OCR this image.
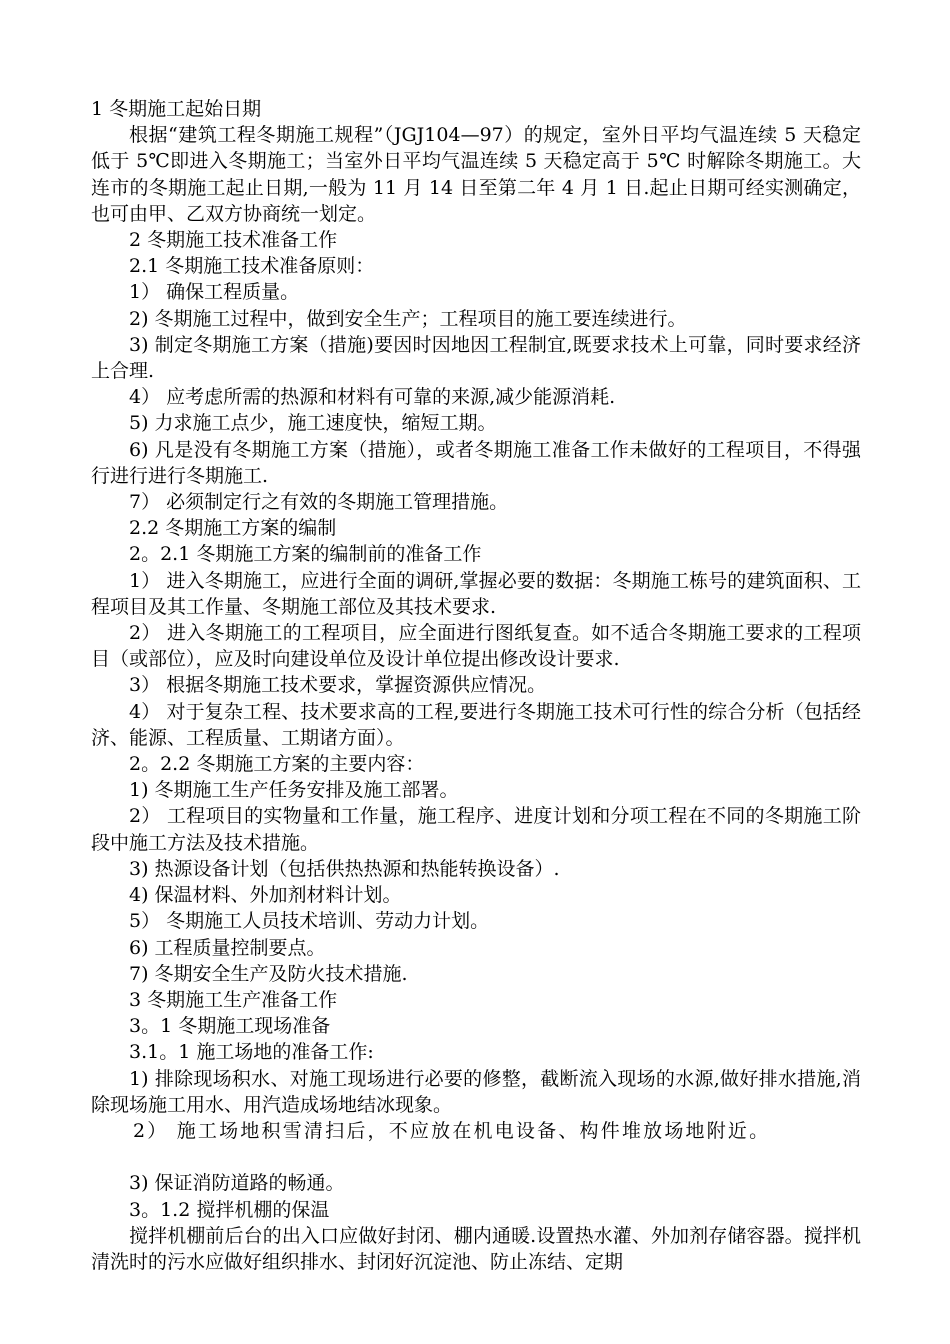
1 冬期施工起始日期

根据“建筑工程冬期施工规程”（JGJ104—97）的规定，室外日平均气温连续 5 天稳定低于 5℃即进入冬期施工；当室外日平均气温连续 5 天稳定高于 5℃ 时解除冬期施工。大连市的冬期施工起止日期,一般为 11 月 14 日至第二年 4 月 1 日.起止日期可经实测确定，也可由甲、乙双方协商统一划定。

2 冬期施工技术准备工作

2.1 冬期施工技术准备原则：

1） 确保工程质量。

2) 冬期施工过程中，做到安全生产；工程项目的施工要连续进行。

3) 制定冬期施工方案（措施)要因时因地因工程制宜,既要求技术上可靠，同时要求经济上合理.

4） 应考虑所需的热源和材料有可靠的来源,减少能源消耗.

5) 力求施工点少，施工速度快，缩短工期。

6) 凡是没有冬期施工方案（措施），或者冬期施工准备工作未做好的工程项目，不得强行进行进行冬期施工.

7） 必须制定行之有效的冬期施工管理措施。

2.2 冬期施工方案的编制

2。2.1 冬期施工方案的编制前的准备工作

1） 进入冬期施工，应进行全面的调研,掌握必要的数据：冬期施工栋号的建筑面积、工程项目及其工作量、冬期施工部位及其技术要求.

2） 进入冬期施工的工程项目，应全面进行图纸复查。如不适合冬期施工要求的工程项目（或部位），应及时向建设单位及设计单位提出修改设计要求.

3） 根据冬期施工技术要求，掌握资源供应情况。

4） 对于复杂工程、技术要求高的工程,要进行冬期施工技术可行性的综合分析（包括经济、能源、工程质量、工期诸方面）。

2。2.2 冬期施工方案的主要内容：

1) 冬期施工生产任务安排及施工部署。

2） 工程项目的实物量和工作量，施工程序、进度计划和分项工程在不同的冬期施工阶段中施工方法及技术措施。

3) 热源设备计划（包括供热热源和热能转换设备）.

4) 保温材料、外加剂材料计划。

5） 冬期施工人员技术培训、劳动力计划。

6) 工程质量控制要点。

7) 冬期安全生产及防火技术措施.

3 冬期施工生产准备工作

3。1 冬期施工现场准备

3.1。1 施工场地的准备工作:

1) 排除现场积水、对施工现场进行必要的修整，截断流入现场的水源,做好排水措施,消除现场施工用水、用汽造成场地结冰现象。

2） 施工场地积雪清扫后，不应放在机电设备、构件堆放场地附近。

3) 保证消防道路的畅通。

3。1.2 搅拌机棚的保温

搅拌机棚前后台的出入口应做好封闭、棚内通暖.设置热水灌、外加剂存储容器。搅拌机清洗时的污水应做好组织排水、封闭好沉淀池、防止冻结、定期
